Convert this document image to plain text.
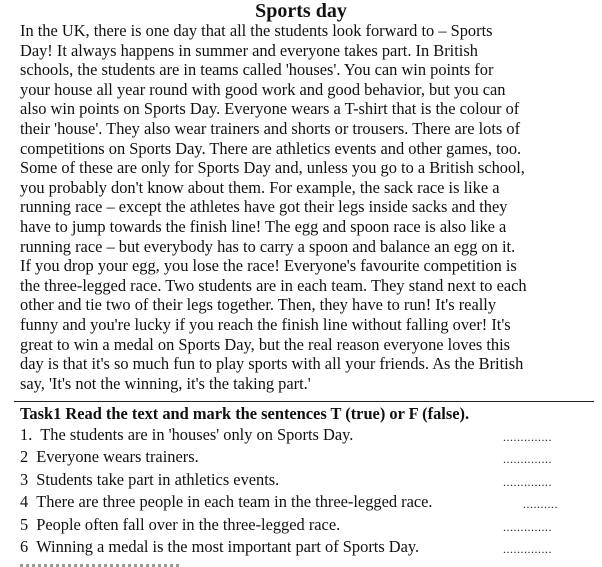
Sports day
In the UK, there is one day that all the students look forward to – Sports
Day! It always happens in summer and everyone takes part. In British
schools, the students are in teams called 'houses'. You can win points for
your house all year round with good work and good behavior, but you can
also win points on Sports Day. Everyone wears a T-shirt that is the colour of
their 'house'. They also wear trainers and shorts or trousers. There are lots of
competitions on Sports Day. There are athletics events and other games, too.
Some of these are only for Sports Day and, unless you go to a British school,
you probably don't know about them. For example, the sack race is like a
running race – except the athletes have got their legs inside sacks and they
have to jump towards the finish line! The egg and spoon race is also like a
running race – but everybody has to carry a spoon and balance an egg on it.
If you drop your egg, you lose the race! Everyone's favourite competition is
the three-legged race. Two students are in each team. They stand next to each
other and tie two of their legs together. Then, they have to run! It's really
funny and you're lucky if you reach the finish line without falling over! It's
great to win a medal on Sports Day, but the real reason everyone loves this
day is that it's so much fun to play sports with all your friends. As the British
say, 'It's not the winning, it's the taking part.'
Task1 Read the text and mark the sentences T (true) or F (false).
1. The students are in 'houses' only on Sports Day.	..............
2 Everyone wears trainers.	..............
3 Students take part in athletics events.	..............
4 There are three people in each team in the three-legged race.	..........
5 People often fall over in the three-legged race.	..............
6 Winning a medal is the most important part of Sports Day.	..............
